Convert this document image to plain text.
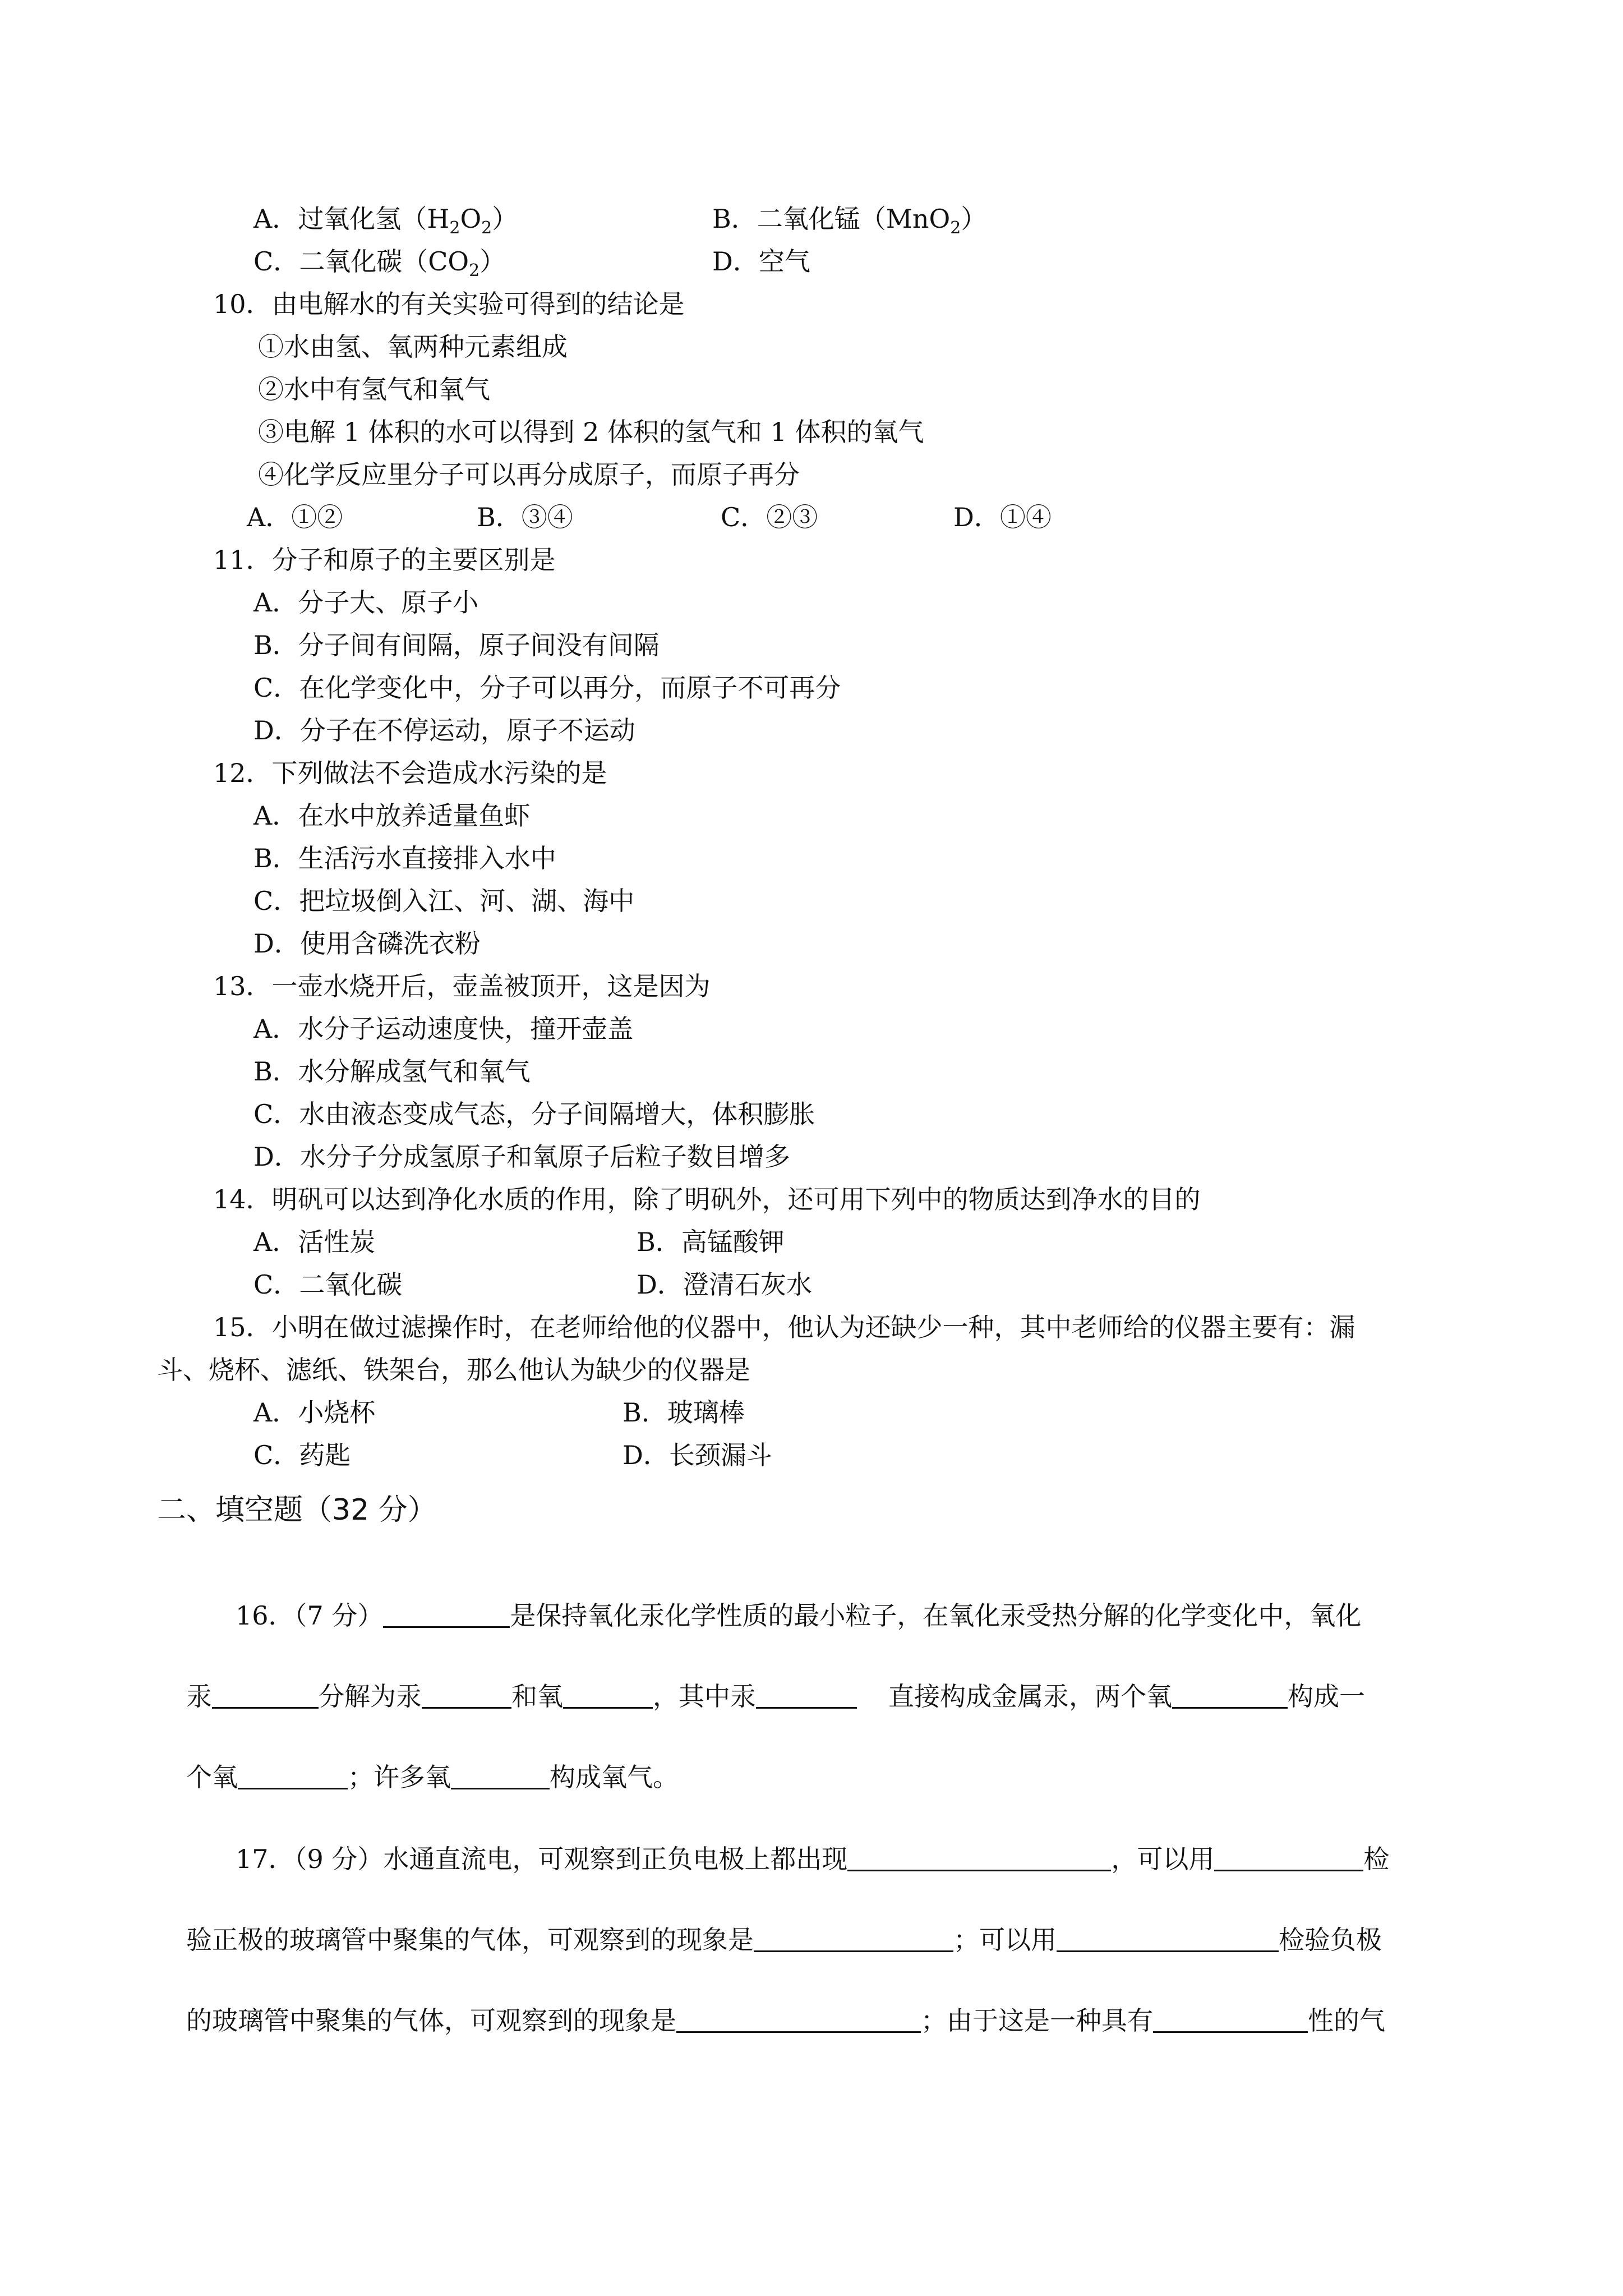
A．过氧化氢$(H_2O_2)$	B．二氧化锰（MnO$_2$）
C．二氧化碳$(CO_2)$	D．空气
10．由电解水的有关实验可得到的结论是
①水由氢、氧两种元素组成
②水中有氢气和氧气
③电解 1 体积的水可以得到 2 体积的氢气和 1 体积的氧气
④化学反应里分子可以再分成原子，而原子再分
A．①②	B．③④	C．②③	D．①④
11．分子和原子的主要区别是
A．分子大、原子小
B．分子间有间隔，原子间没有间隔
C．在化学变化中，分子可以再分，而原子不可再分
D．分子在不停运动，原子不运动
12．下列做法不会造成水污染的是
A．在水中放养适量鱼虾
B．生活污水直接排入水中
C．把垃圾倒入江、河、湖、海中
D．使用含磷洗衣粉
13．一壶水烧开后，壶盖被顶开，这是因为
A．水分子运动速度快，撞开壶盖
B．水分解成氢气和氧气
C．水由液态变成气态，分子间隔增大，体积膨胀
D．水分子分成氢原子和氧原子后粒子数目增多
14．明矾可以达到净化水质的作用，除了明矾外，还可用下列中的物质达到净水的目的
A．活性炭	B．高锰酸钾
C．二氧化碳	D．澄清石灰水
15．小明在做过滤操作时，在老师给他的仪器中，他认为还缺少一种，其中老师给的仪器主要有：漏
斗、烧杯、滤纸、铁架台，那么他认为缺少的仪器是
A．小烧杯	B．玻璃棒
C．药匙	D．长颈漏斗
二、填空题（32 分）
16．（7 分）	是保持氧化汞化学性质的最小粒子，在氧化汞受热分解的化学变化中，氧化
汞	分解为汞	和氧	，其中汞	直接构成金属汞，两个氧	构成一
个氧	；许多氧	构成氧气。
17．（9 分）水通直流电，可观察到正负电极上都出现	，可以用	检
验正极的玻璃管中聚集的气体，可观察到的现象是	；可以用	检验负极
的玻璃管中聚集的气体，可观察到的现象是	；由于这是一种具有	性的气
